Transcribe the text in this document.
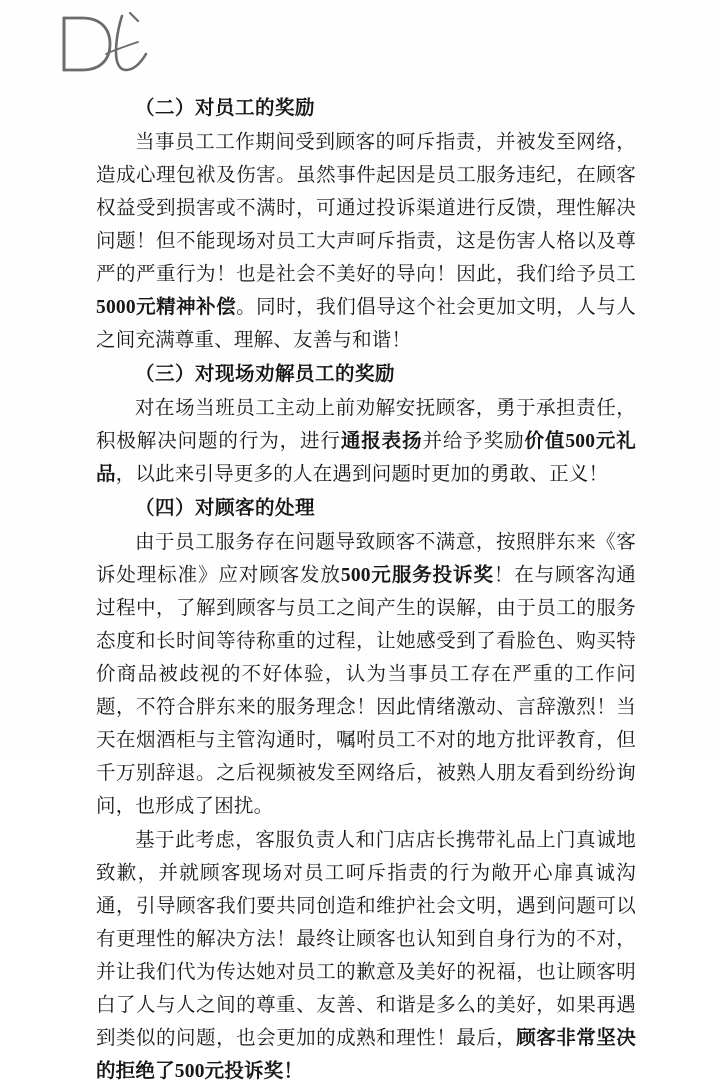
（二）对员工的奖励

当事员工工作期间受到顾客的呵斥指责，并被发至网络，造成心理包袱及伤害。虽然事件起因是员工服务违纪，在顾客权益受到损害或不满时，可通过投诉渠道进行反馈，理性解决问题！但不能现场对员工大声呵斥指责，这是伤害人格以及尊严的严重行为！也是社会不美好的导向！因此，我们给予员工5000元精神补偿。同时，我们倡导这个社会更加文明，人与人之间充满尊重、理解、友善与和谐！

（三）对现场劝解员工的奖励

对在场当班员工主动上前劝解安抚顾客，勇于承担责任，积极解决问题的行为，进行通报表扬并给予奖励价值500元礼品，以此来引导更多的人在遇到问题时更加的勇敢、正义！

（四）对顾客的处理

由于员工服务存在问题导致顾客不满意，按照胖东来《客诉处理标准》应对顾客发放500元服务投诉奖！在与顾客沟通过程中，了解到顾客与员工之间产生的误解，由于员工的服务态度和长时间等待称重的过程，让她感受到了看脸色、购买特价商品被歧视的不好体验，认为当事员工存在严重的工作问题，不符合胖东来的服务理念！因此情绪激动、言辞激烈！当天在烟酒柜与主管沟通时，嘱咐员工不对的地方批评教育，但千万别辞退。之后视频被发至网络后，被熟人朋友看到纷纷询问，也形成了困扰。

基于此考虑，客服负责人和门店店长携带礼品上门真诚地致歉，并就顾客现场对员工呵斥指责的行为敞开心扉真诚沟通，引导顾客我们要共同创造和维护社会文明，遇到问题可以有更理性的解决方法！最终让顾客也认知到自身行为的不对，并让我们代为传达她对员工的歉意及美好的祝福，也让顾客明白了人与人之间的尊重、友善、和谐是多么的美好，如果再遇到类似的问题，也会更加的成熟和理性！最后，顾客非常坚决的拒绝了500元投诉奖！
